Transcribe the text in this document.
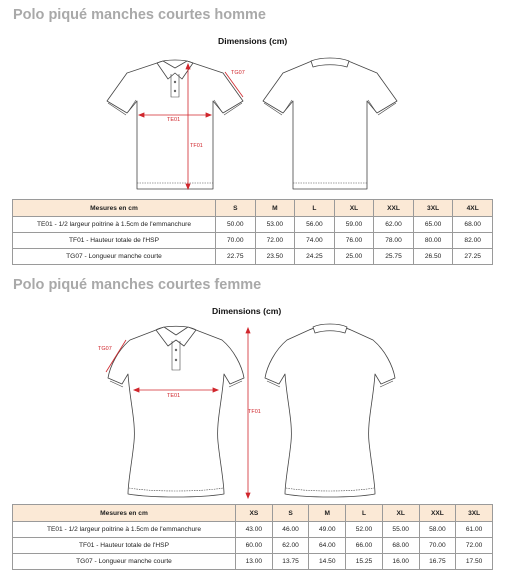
Polo piqué manches courtes homme
Dimensions (cm)
TE01
TF01
TG07
Mesures en cm	S	M	L	XL	XXL	3XL	4XL
TE01 - 1/2 largeur poitrine à 1.5cm de l'emmanchure	50.00	53.00	56.00	59.00	62.00	65.00	68.00
TF01 - Hauteur totale de l'HSP	70.00	72.00	74.00	76.00	78.00	80.00	82.00
TG07 - Longueur manche courte	22.75	23.50	24.25	25.00	25.75	26.50	27.25
Polo piqué manches courtes femme
Dimensions (cm)
TE01
TF01
TG07
Mesures en cm	XS	S	M	L	XL	XXL	3XL
TE01 - 1/2 largeur poitrine à 1.5cm de l'emmanchure	43.00	46.00	49.00	52.00	55.00	58.00	61.00
TF01 - Hauteur totale de l'HSP	60.00	62.00	64.00	66.00	68.00	70.00	72.00
TG07 - Longueur manche courte	13.00	13.75	14.50	15.25	16.00	16.75	17.50
